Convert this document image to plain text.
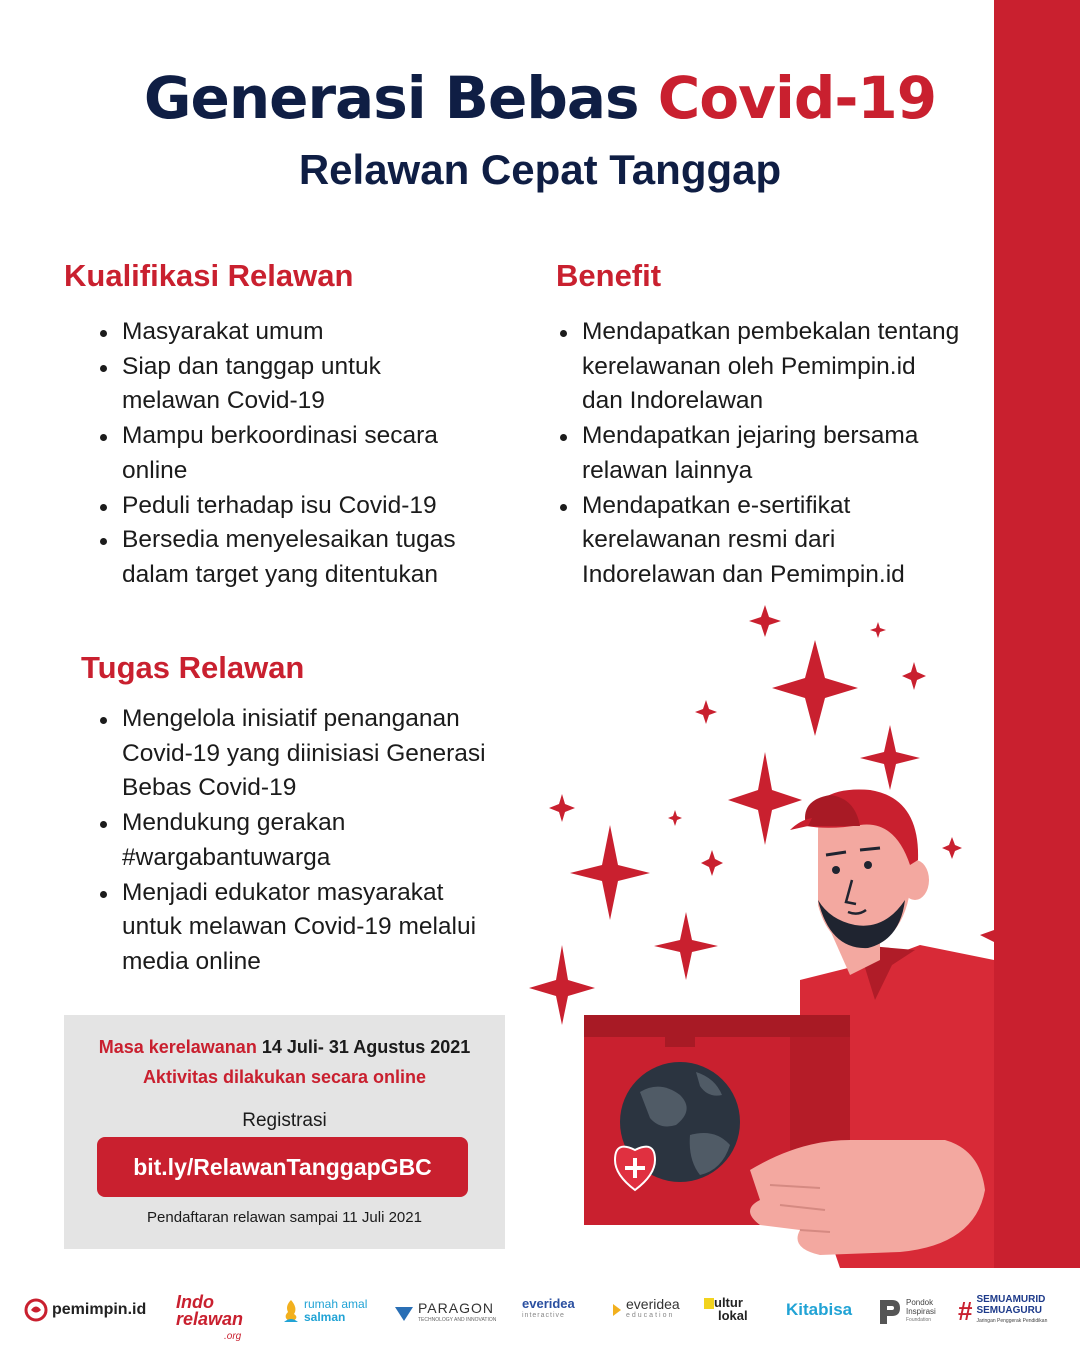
Generasi Bebas Covid-19
Relawan Cepat Tanggap
Kualifikasi Relawan
Masyarakat umum
Siap dan tanggap untuk melawan Covid-19
Mampu berkoordinasi secara online
Peduli terhadap isu Covid-19
Bersedia menyelesaikan tugas dalam target yang ditentukan
Benefit
Mendapatkan pembekalan tentang kerelawanan oleh Pemimpin.id dan Indorelawan
Mendapatkan jejaring bersama relawan lainnya
Mendapatkan e-sertifikat kerelawanan resmi dari Indorelawan dan Pemimpin.id
Tugas Relawan
Mengelola inisiatif penanganan Covid-19 yang diinisiasi Generasi Bebas Covid-19
Mendukung gerakan #wargabantuwarga
Menjadi edukator masyarakat untuk melawan Covid-19 melalui media online
Masa kerelawanan 14 Juli- 31 Agustus 2021
Aktivitas dilakukan secara online
Registrasi
bit.ly/RelawanTanggapGBC
Pendaftaran relawan sampai 11 Juli 2021
pemimpin.id Indo
relawan
.org
rumah amal
salman
PARAGON
TECHNOLOGY AND INNOVATION
everidea
interactive
everidea
education
ultur
lokal Kitabisa	Pondok
Inspirasi
Foundation # SEMUAMURID
SEMUAGURU
Jaringan Penggerak Pendidikan
